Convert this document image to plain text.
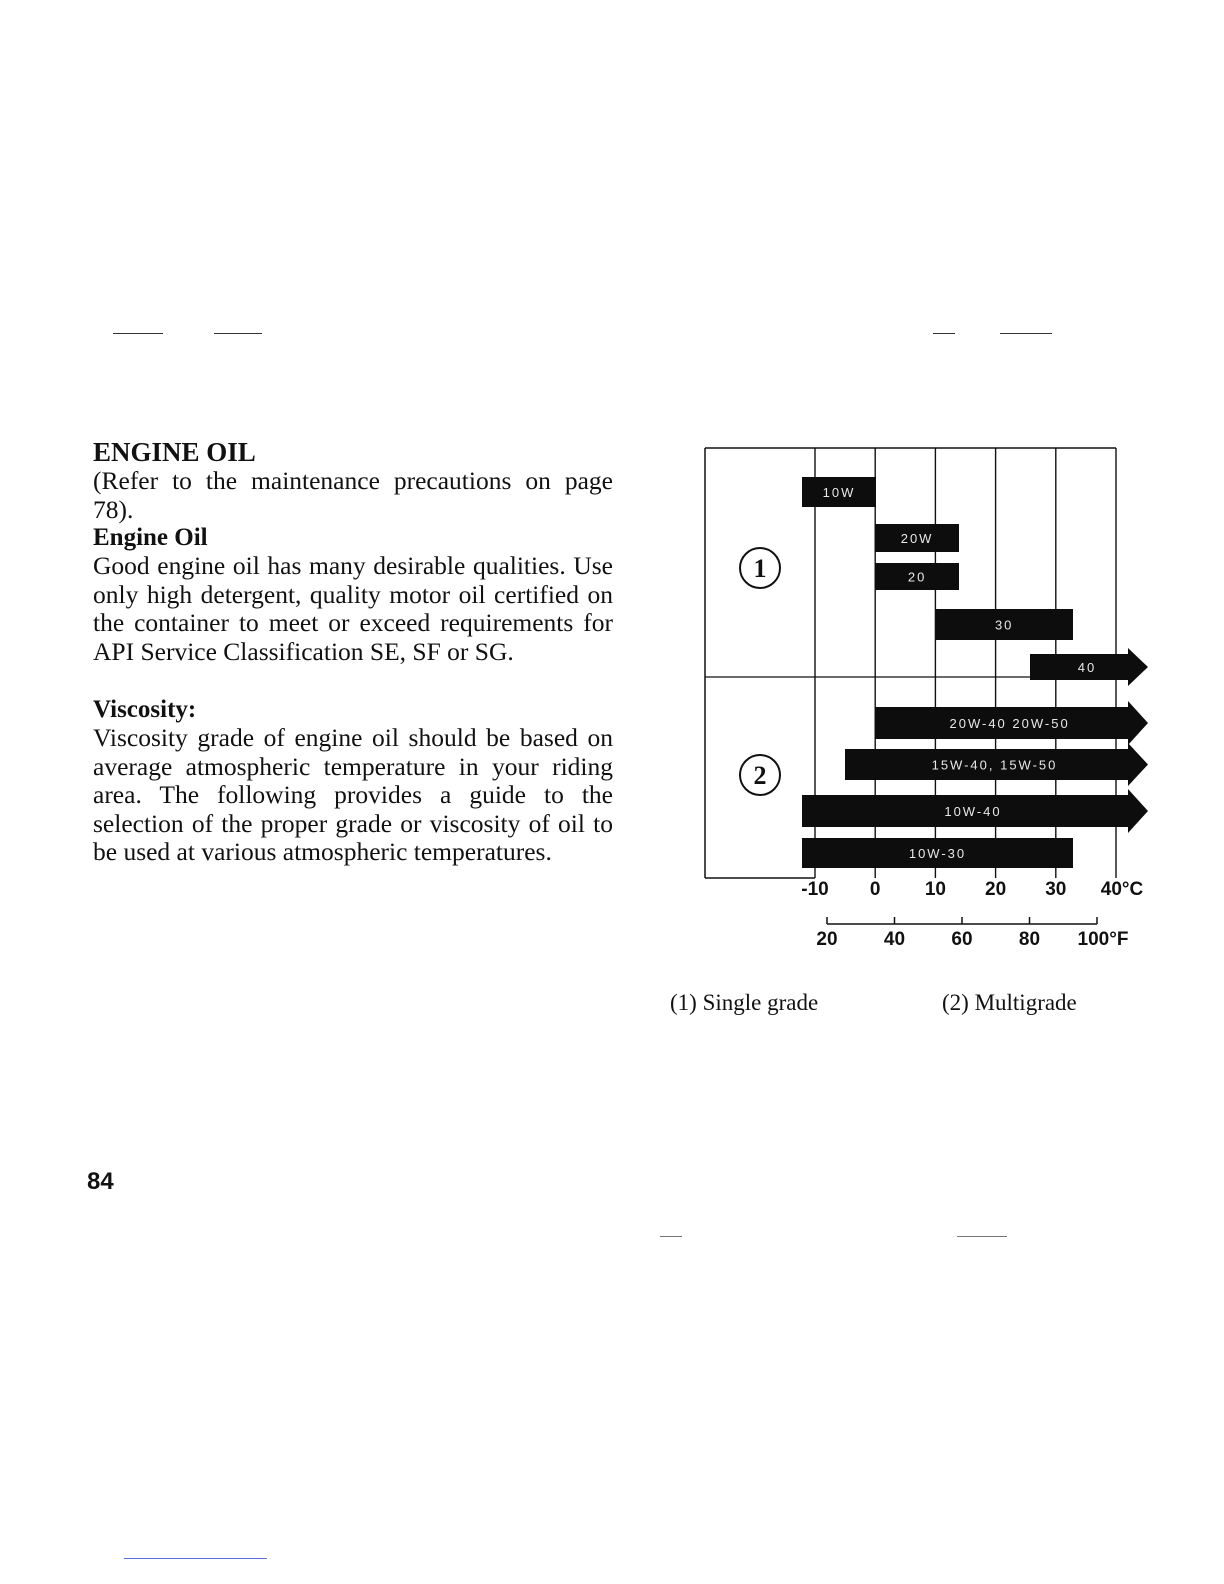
ENGINE OIL

(Refer to the maintenance precautions on page 78).

Engine Oil

Good engine oil has many desirable qualities. Use only high detergent, quality motor oil certified on the container to meet or exceed requirements for API Service Classification SE, SF or SG.

Viscosity:

Viscosity grade of engine oil should be based on average atmospheric temperature in your riding area. The following provides a guide to the selection of the proper grade or viscosity of oil to be used at various atmospheric temperatures.

1
2
10W
20W
20
30
40
20W-40 20W-50
15W-40, 15W-50
10W-40
10W-30
-10 0 10 20 30 40°C
20 40 60 80 100°F
(1) Single grade	(2) Multigrade
84
